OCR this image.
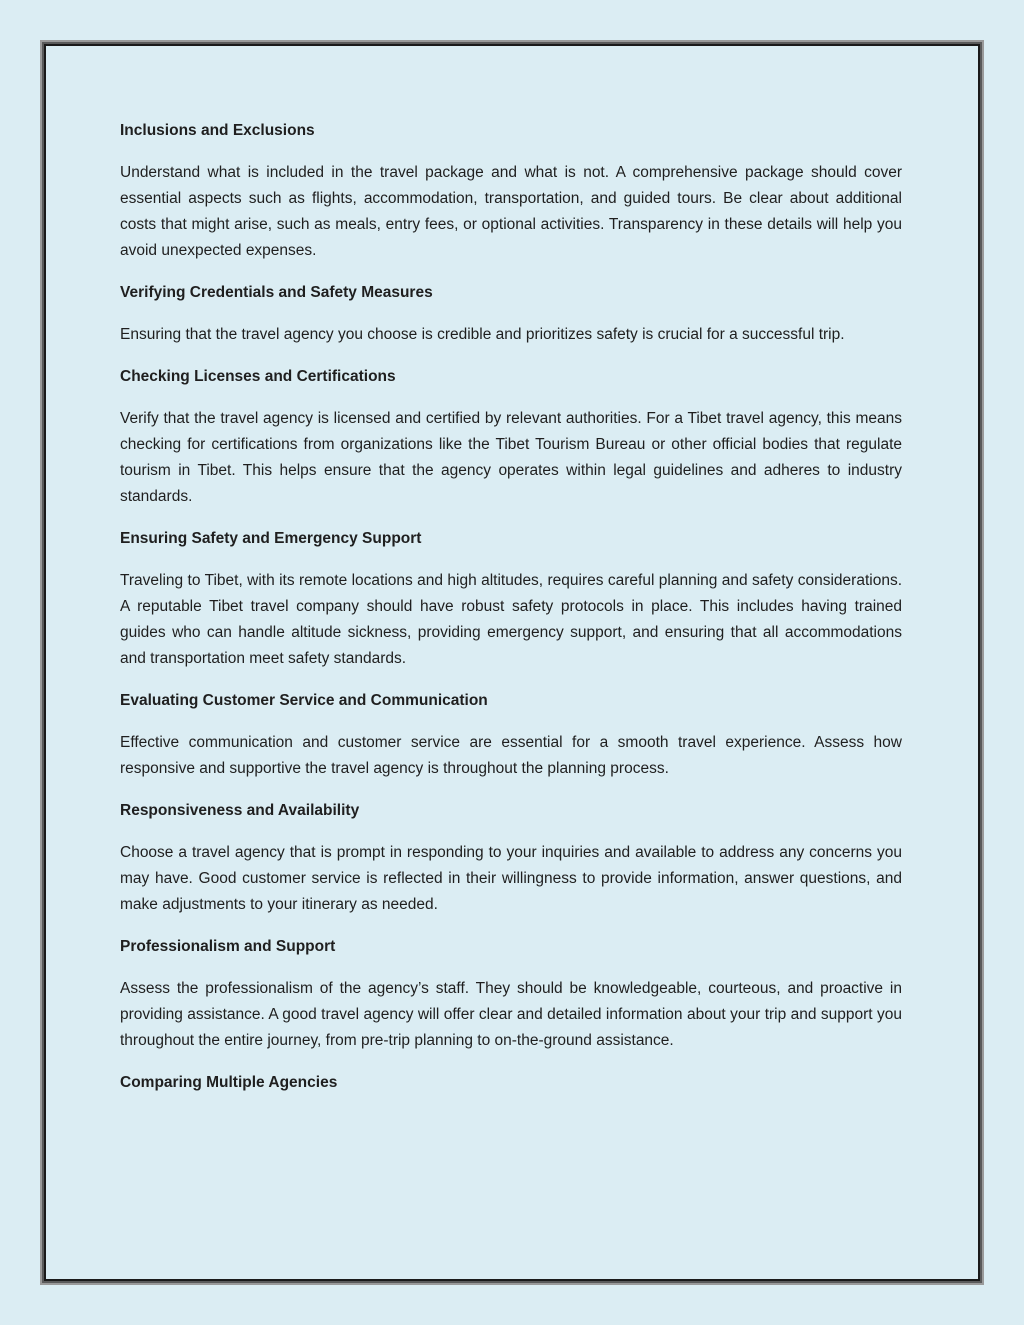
Inclusions and Exclusions

Understand what is included in the travel package and what is not. A comprehensive package should cover essential aspects such as flights, accommodation, transportation, and guided tours. Be clear about additional costs that might arise, such as meals, entry fees, or optional activities. Transparency in these details will help you avoid unexpected expenses.

Verifying Credentials and Safety Measures

Ensuring that the travel agency you choose is credible and prioritizes safety is crucial for a successful trip.

Checking Licenses and Certifications

Verify that the travel agency is licensed and certified by relevant authorities. For a Tibet travel agency, this means checking for certifications from organizations like the Tibet Tourism Bureau or other official bodies that regulate tourism in Tibet. This helps ensure that the agency operates within legal guidelines and adheres to industry standards.

Ensuring Safety and Emergency Support

Traveling to Tibet, with its remote locations and high altitudes, requires careful planning and safety considerations. A reputable Tibet travel company should have robust safety protocols in place. This includes having trained guides who can handle altitude sickness, providing emergency support, and ensuring that all accommodations and transportation meet safety standards.

Evaluating Customer Service and Communication

Effective communication and customer service are essential for a smooth travel experience. Assess how responsive and supportive the travel agency is throughout the planning process.

Responsiveness and Availability

Choose a travel agency that is prompt in responding to your inquiries and available to address any concerns you may have. Good customer service is reflected in their willingness to provide information, answer questions, and make adjustments to your itinerary as needed.

Professionalism and Support

Assess the professionalism of the agency’s staff. They should be knowledgeable, courteous, and proactive in providing assistance. A good travel agency will offer clear and detailed information about your trip and support you throughout the entire journey, from pre-trip planning to on-the-ground assistance.

Comparing Multiple Agencies
